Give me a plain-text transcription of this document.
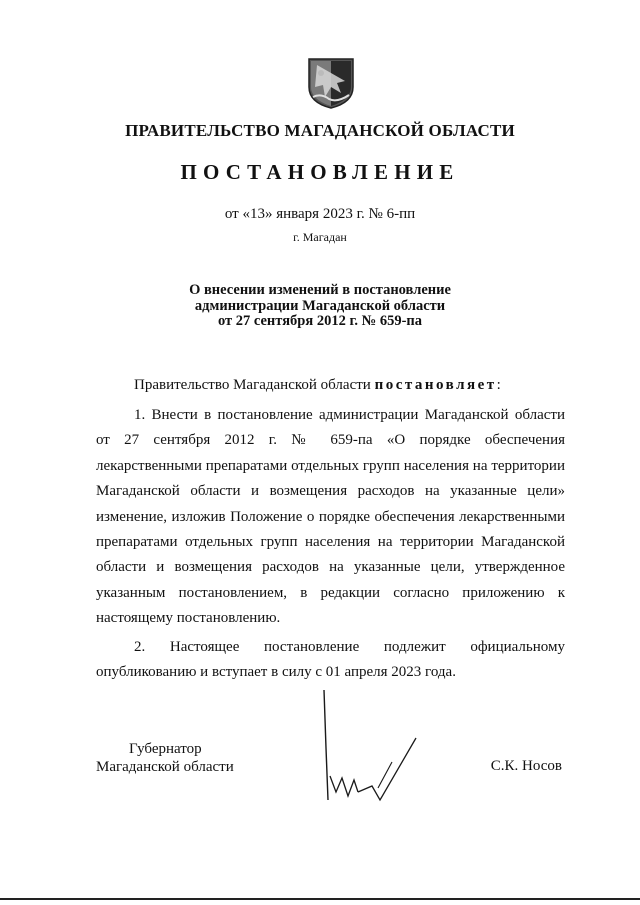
ПРАВИТЕЛЬСТВО МАГАДАНСКОЙ ОБЛАСТИ
ПОСТАНОВЛЕНИЕ
от «13» января 2023 г. № 6-пп
г. Магадан
О внесении изменений в постановление
администрации Магаданской области
от 27 сентября 2012 г. № 659-па
Правительство Магаданской области постановляет:
1. Внести в постановление администрации Магаданской области от 27 сентября 2012 г. № 659-па «О порядке обеспечения лекарственными препаратами отдельных групп населения на территории Магаданской области и возмещения расходов на указанные цели» изменение, изложив Положение о порядке обеспечения лекарственными препаратами отдельных групп населения на территории Магаданской области и возмещения расходов на указанные цели, утвержденное указанным постановлением, в редакции согласно приложению к настоящему постановлению.
2. Настоящее постановление подлежит официальному опубликованию и вступает в силу с 01 апреля 2023 года.
Губернатор
Магаданской области	С.К. Носов
